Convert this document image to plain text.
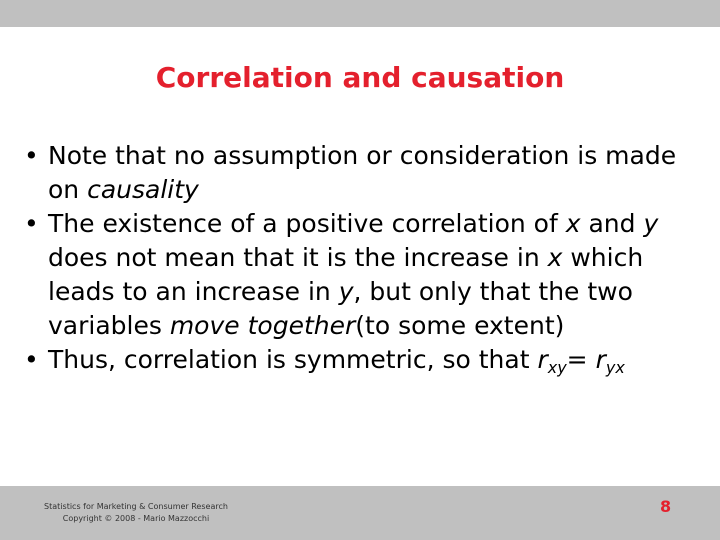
Correlation and causation
• Note that no assumption or consideration is made on causality
• The existence of a positive correlation of x and y does not mean that it is the increase in x which leads to an increase in y, but only that the two variables move together(to some extent)
• Thus, correlation is symmetric, so that $r_{xy}= r_{yx}$
Statistics for Marketing & Consumer Research
Copyright © 2008 - Mario Mazzocchi
8
